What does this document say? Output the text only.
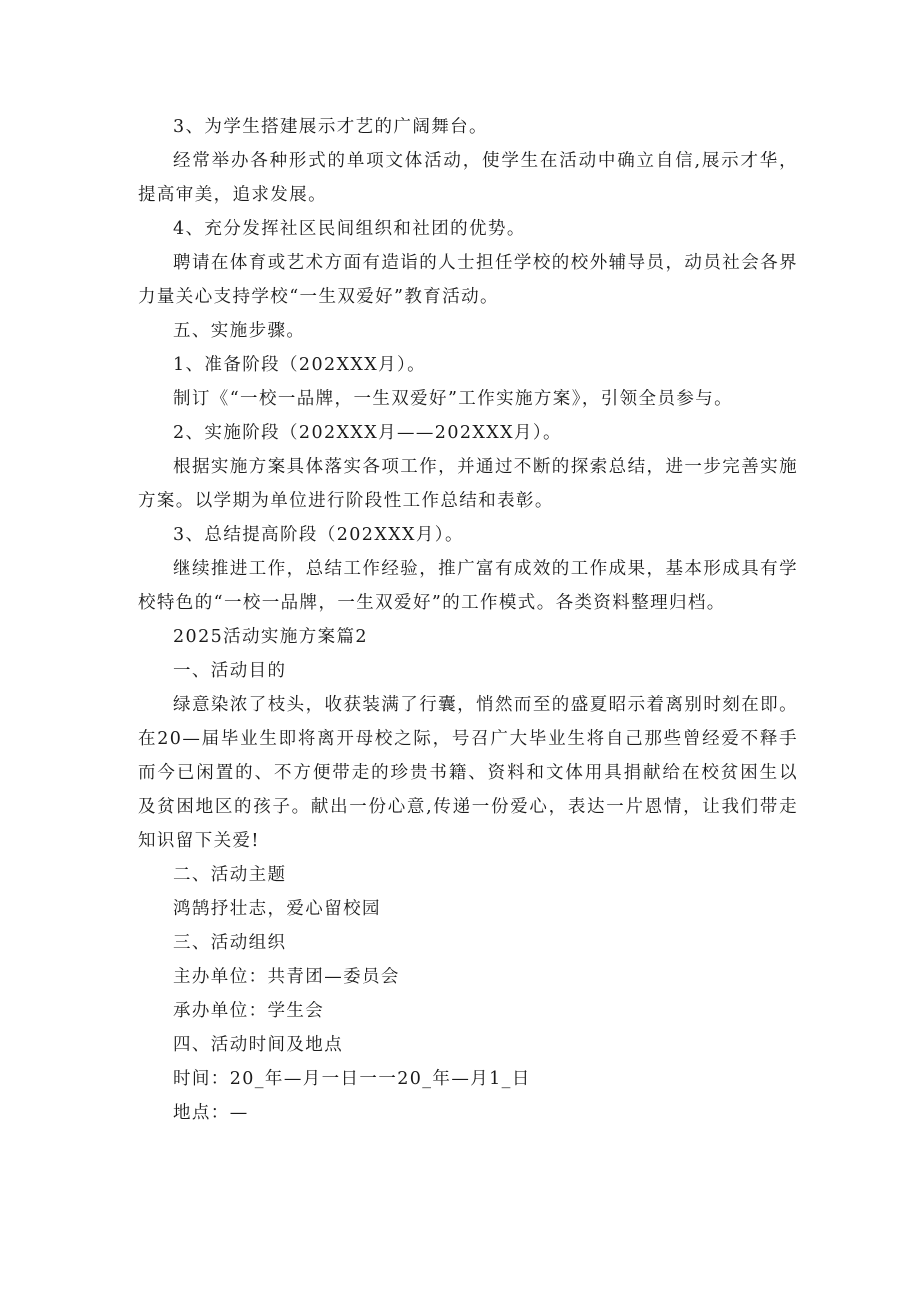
3、为学生搭建展示才艺的广阔舞台。

经常举办各种形式的单项文体活动，使学生在活动中确立自信,展示才华，提高审美，追求发展。

4、充分发挥社区民间组织和社团的优势。

聘请在体育或艺术方面有造诣的人士担任学校的校外辅导员，动员社会各界力量关心支持学校“一生双爱好”教育活动。

五、实施步骤。

1、准备阶段（202XXX月）。

制订《“一校一品牌，一生双爱好”工作实施方案》，引领全员参与。

2、实施阶段（202XXX月——202XXX月）。

根据实施方案具体落实各项工作，并通过不断的探索总结，进一步完善实施方案。以学期为单位进行阶段性工作总结和表彰。

3、总结提高阶段（202XXX月）。

继续推进工作，总结工作经验，推广富有成效的工作成果，基本形成具有学校特色的“一校一品牌，一生双爱好”的工作模式。各类资料整理归档。

2025活动实施方案篇2

一、活动目的

绿意染浓了枝头，收获装满了行囊，悄然而至的盛夏昭示着离别时刻在即。在20—届毕业生即将离开母校之际，号召广大毕业生将自己那些曾经爱不释手而今已闲置的、不方便带走的珍贵书籍、资料和文体用具捐献给在校贫困生以及贫困地区的孩子。献出一份心意,传递一份爱心，表达一片恩情，让我们带走知识留下关爱!

二、活动主题

鸿鹄抒壮志，爱心留校园

三、活动组织

主办单位：共青团—委员会

承办单位：学生会

四、活动时间及地点

时间：20_年—月一日一一20_年—月1_日

地点：—
